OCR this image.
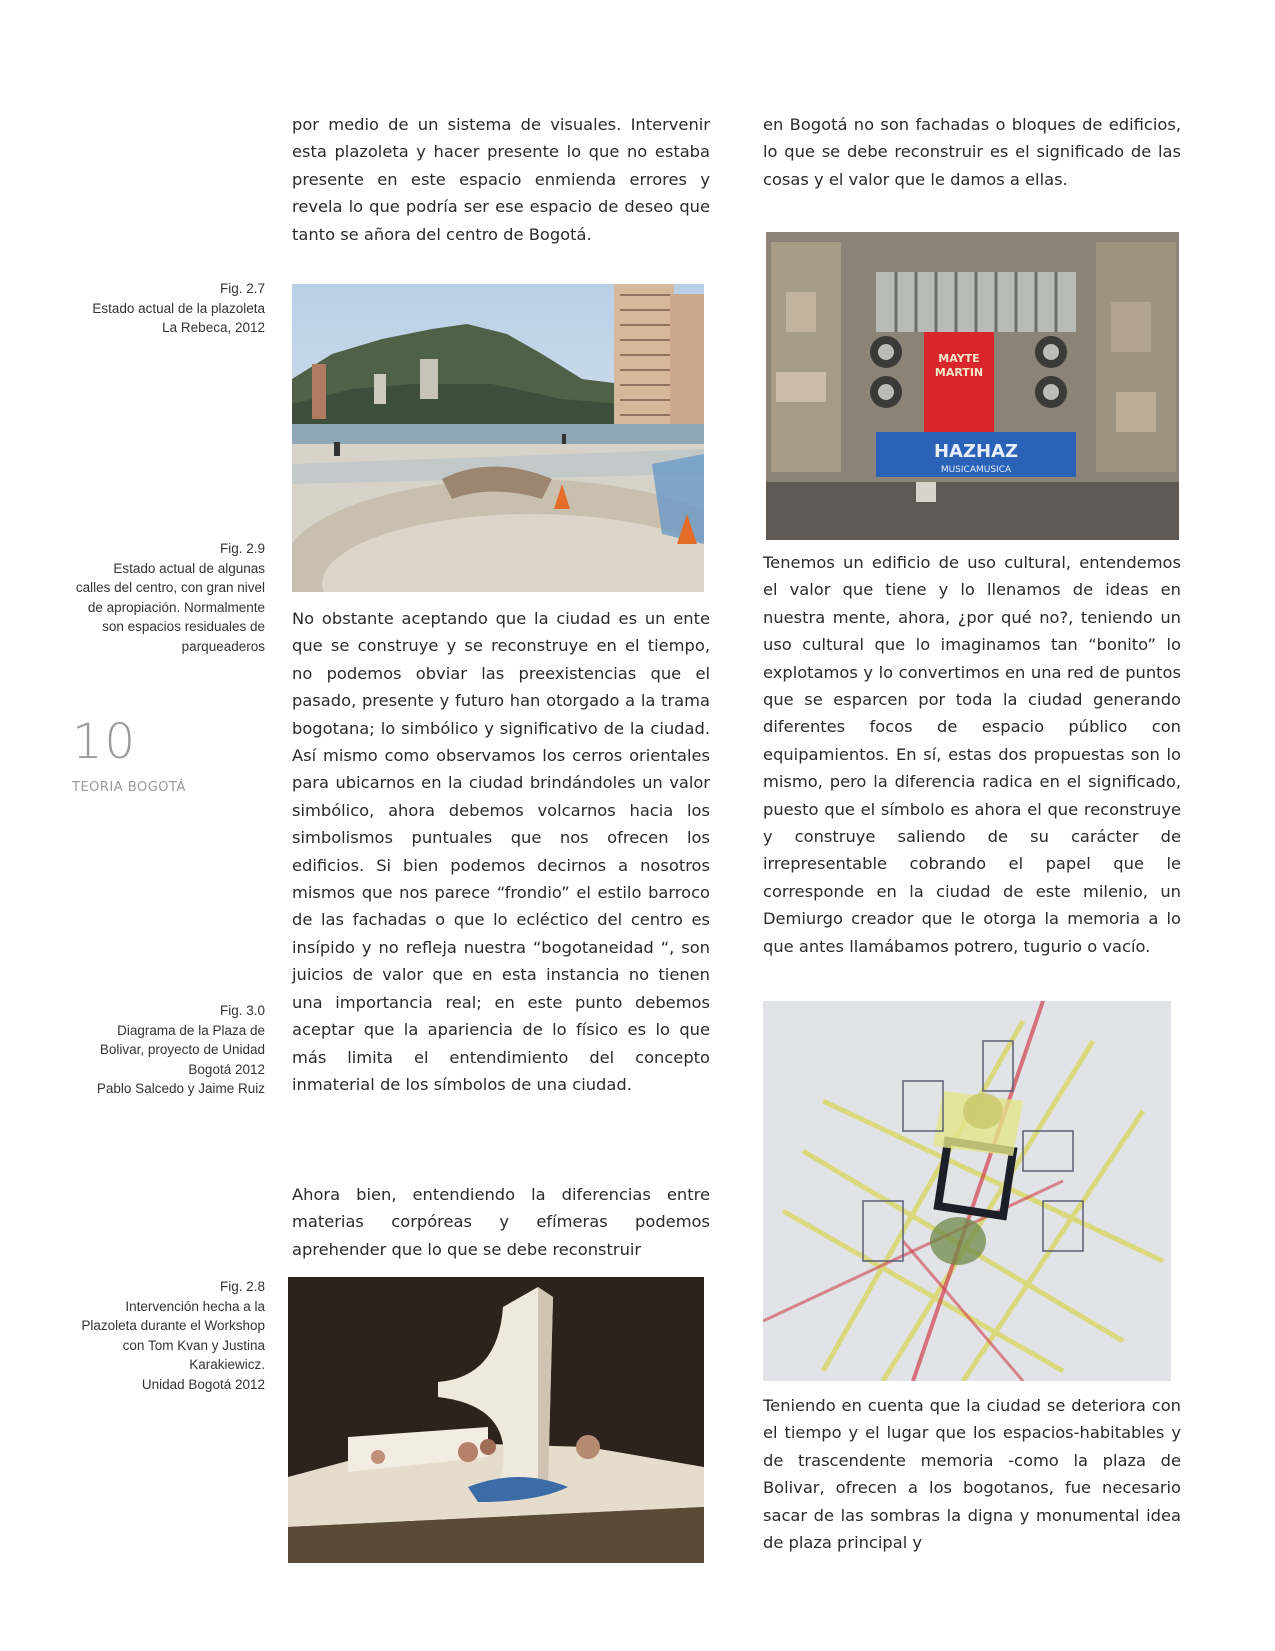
Fig. 2.7
Estado actual de la plazoleta
La Rebeca, 2012
Fig. 2.9
Estado actual de algunas
calles del centro, con gran nivel
de apropiación. Normalmente
son espacios residuales de
parqueaderos
10
TEORIA BOGOTÁ
Fig. 3.0
Diagrama de la Plaza de
Bolivar, proyecto de Unidad
Bogotá 2012
Pablo Salcedo y Jaime Ruiz
Fig. 2.8
Intervención hecha a la
Plazoleta durante el Workshop
con Tom Kvan y Justina
Karakiewicz.
Unidad Bogotá 2012

por medio de un sistema de visuales. Intervenir esta plazoleta y hacer presente lo que no estaba presente en este espacio enmienda errores y revela lo que podría ser ese espacio de deseo que tanto se añora del centro de Bogotá.

No obstante aceptando que la ciudad es un ente que se construye y se reconstruye en el tiempo, no podemos obviar las preexistencias que el pasado, presente y futuro han otorgado a la trama bogotana; lo simbólico y significativo de la ciudad. Así mismo como observamos los cerros orientales para ubicarnos en la ciudad brindándoles un valor simbólico, ahora debemos volcarnos hacia los simbolismos puntuales que nos ofrecen los edificios. Si bien podemos decirnos a nosotros mismos que nos parece “frondio” el estilo barroco de las fachadas o que lo ecléctico del centro es insípido y no refleja nuestra “bogotaneidad “, son juicios de valor que en esta instancia no tienen una importancia real; en este punto debemos aceptar que la apariencia de lo físico es lo que más limita el entendimiento del concepto inmaterial de los símbolos de una ciudad.

Ahora bien, entendiendo la diferencias entre materias corpóreas y efímeras podemos aprehender que lo que se debe reconstruir

en Bogotá no son fachadas o bloques de edificios, lo que se debe reconstruir es el significado de las cosas y el valor que le damos a ellas.

MAYTE
MARTIN
HAZHAZ
MUSICAMUSICA

Tenemos un edificio de uso cultural, entendemos el valor que tiene y lo llenamos de ideas en nuestra mente, ahora, ¿por qué no?, teniendo un uso cultural que lo imaginamos tan “bonito” lo explotamos y lo convertimos en una red de puntos que se esparcen por toda la ciudad generando diferentes focos de espacio público con equipamientos. En sí, estas dos propuestas son lo mismo, pero la diferencia radica en el significado, puesto que el símbolo es ahora el que reconstruye y construye saliendo de su carácter de irrepresentable cobrando el papel que le corresponde en la ciudad de este milenio, un Demiurgo creador que le otorga la memoria a lo que antes llamábamos potrero, tugurio o vacío.

Teniendo en cuenta que la ciudad se deteriora con el tiempo y el lugar que los espacios-habitables y de trascendente memoria -como la plaza de Bolivar, ofrecen a los bogotanos, fue necesario sacar de las sombras la digna y monumental idea de plaza principal y
